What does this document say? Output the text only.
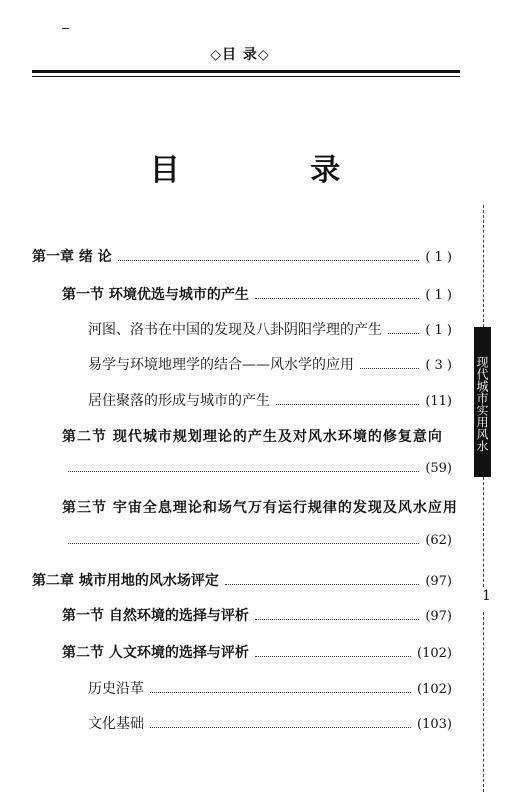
◇目 录◇
目 录
第一章 绪 论	( 1 )
第一节 环境优选与城市的产生	( 1 )
河图、洛书在中国的发现及八卦阴阳学理的产生	( 1 )
易学与环境地理学的结合——风水学的应用	( 3 )
居住聚落的形成与城市的产生	(11)
第二节 现代城市规划理论的产生及对风水环境的修复意向
(59)
第三节 宇宙全息理论和场气万有运行规律的发现及风水应用
(62)
第二章 城市用地的风水场评定	(97)
第一节 自然环境的选择与评析	(97)
第二节 人文环境的选择与评析	(102)
历史沿革	(102)
文化基础	(103)
现代城市实用风水
1
